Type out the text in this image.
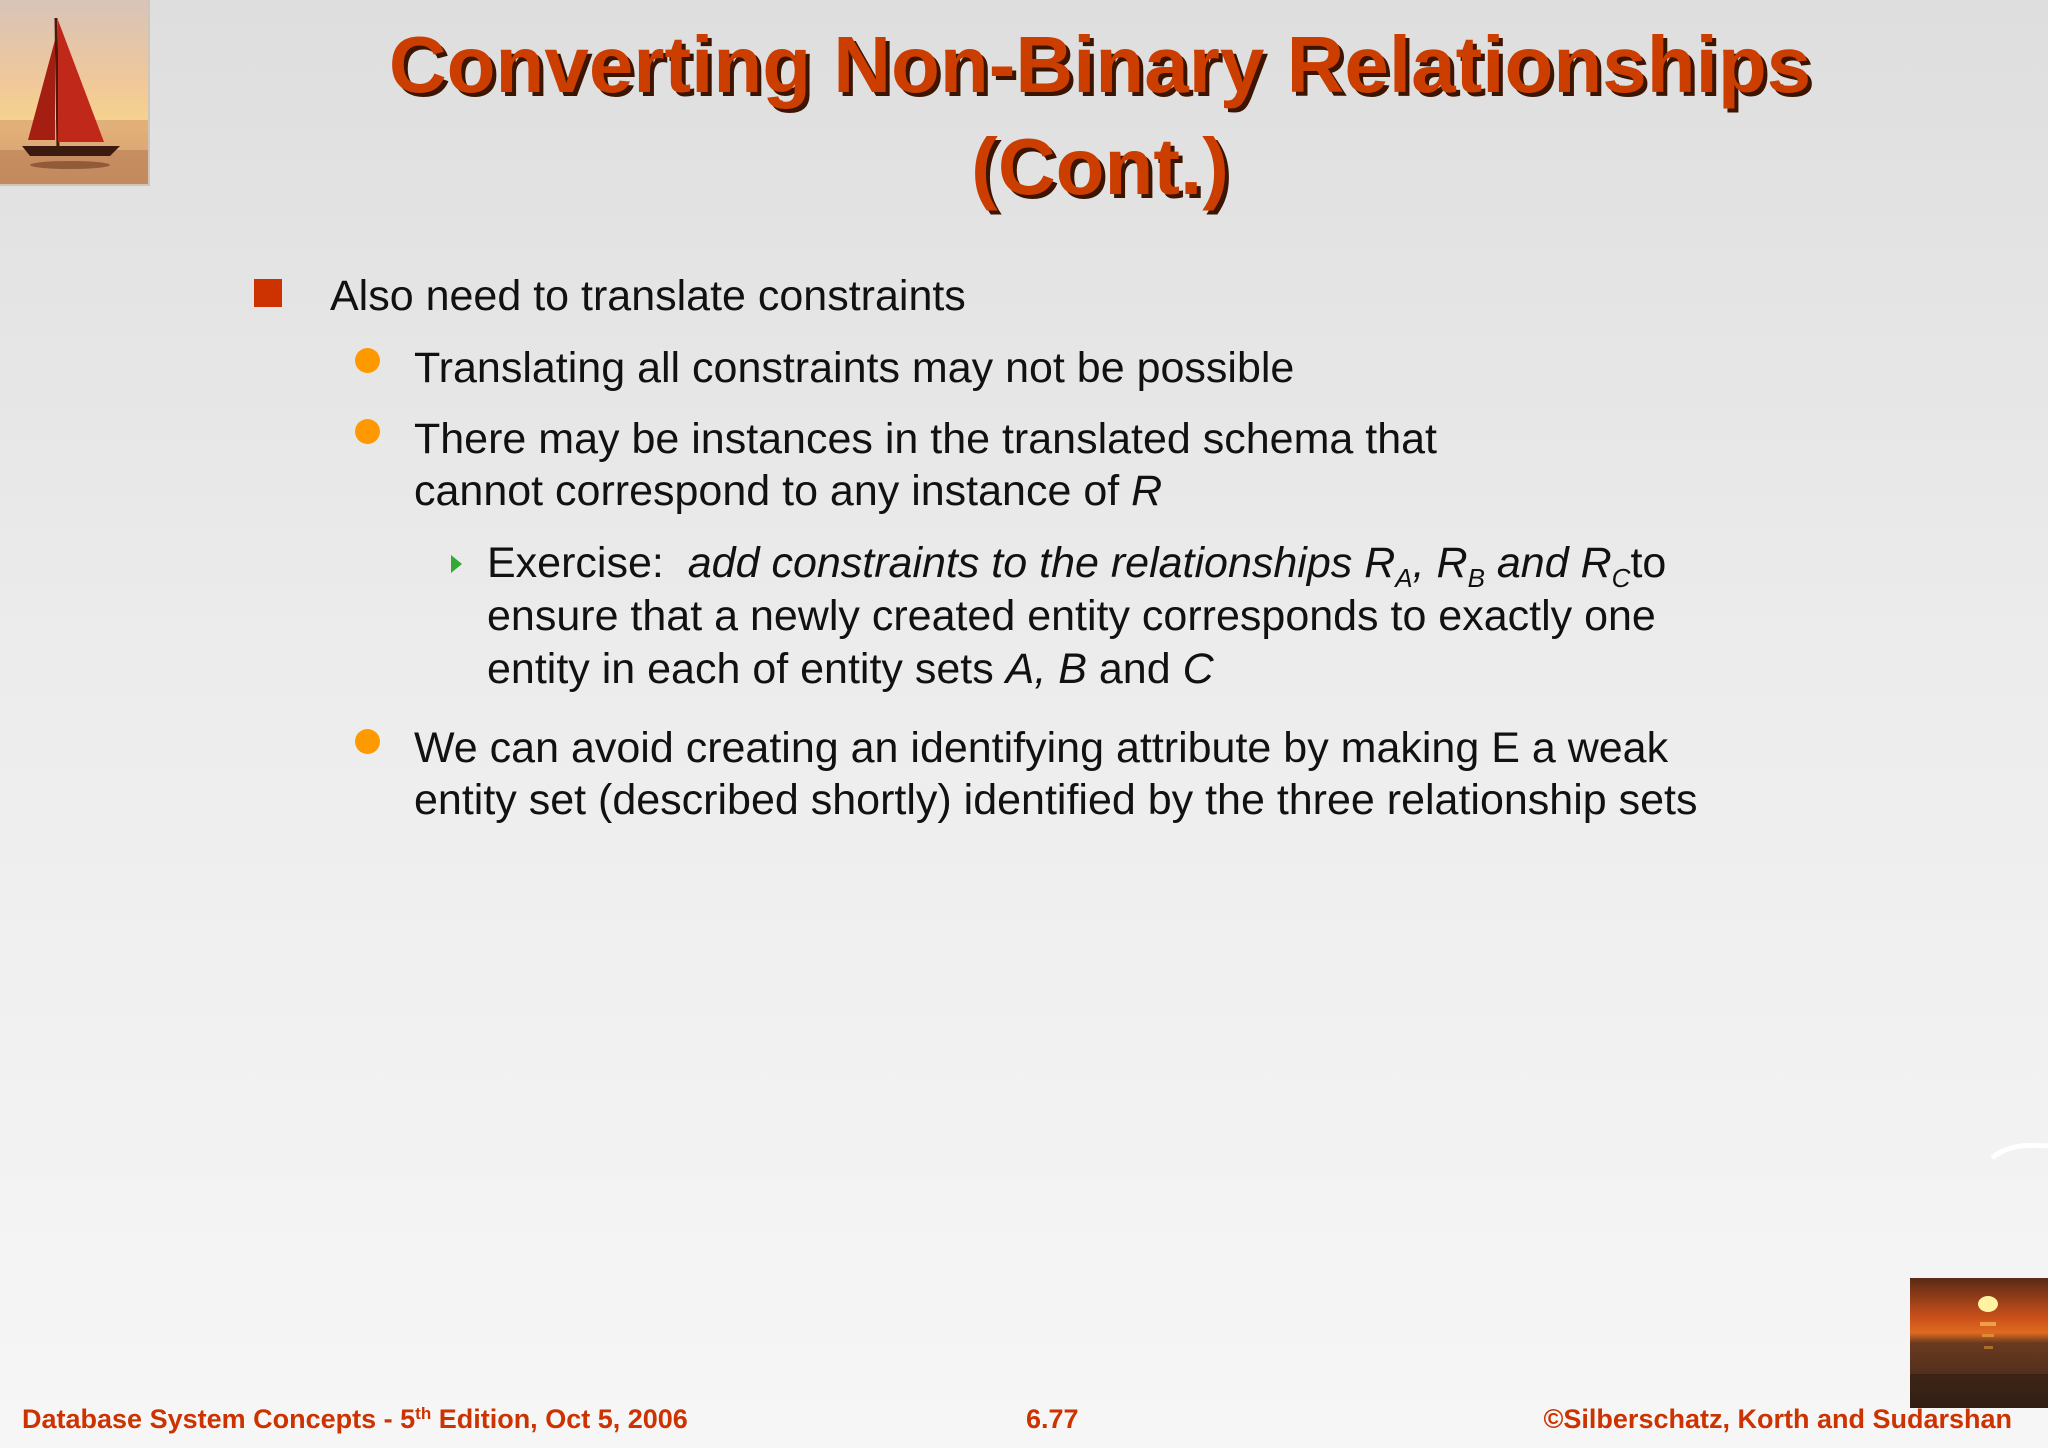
Converting Non-Binary Relationships
(Cont.)
Also need to translate constraints
Translating all constraints may not be possible
There may be instances in the translated schema that
cannot correspond to any instance of R
Exercise: add constraints to the relationships $R_A$, $R_B$ and $R_Cto$
ensure that a newly created entity corresponds to exactly one
entity in each of entity sets A, B and C
We can avoid creating an identifying attribute by making E a weak
entity set (described shortly) identified by the three relationship sets
Database System Concepts - 5th Edition, Oct 5, 2006	6.77	©Silberschatz, Korth and Sudarshan
